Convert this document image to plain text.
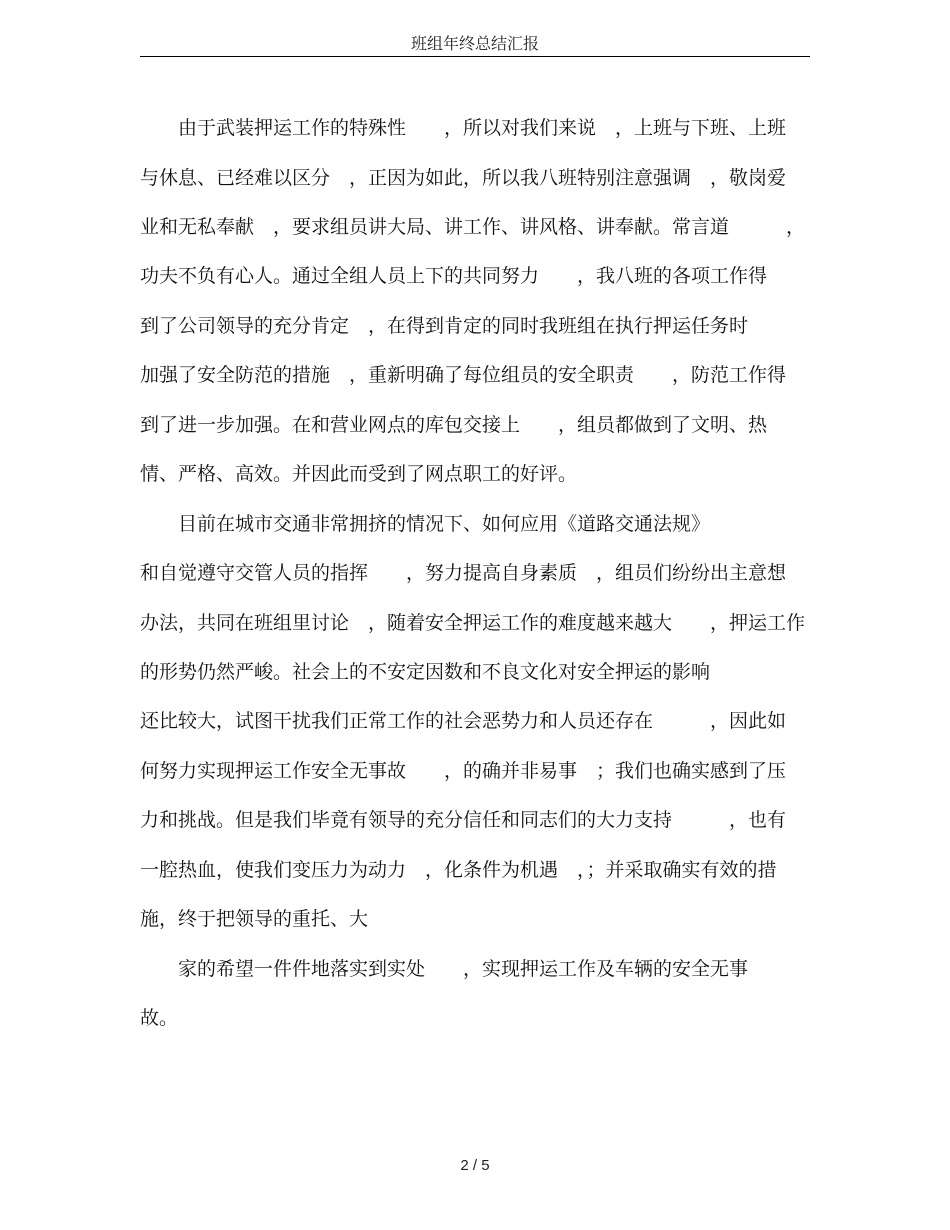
班组年终总结汇报
　　由于武装押运工作的特殊性　　，所以对我们来说　，上班与下班、上班
与休息、已经难以区分　，正因为如此，所以我八班特别注意强调　，敬岗爱
业和无私奉献　，要求组员讲大局、讲工作、讲风格、讲奉献。常言道　　　，
功夫不负有心人。通过全组人员上下的共同努力　　，我八班的各项工作得
到了公司领导的充分肯定　，在得到肯定的同时我班组在执行押运任务时
加强了安全防范的措施　，重新明确了每位组员的安全职责　　，防范工作得
到了进一步加强。在和营业网点的库包交接上　　，组员都做到了文明、热
情、严格、高效。并因此而受到了网点职工的好评。
　　目前在城市交通非常拥挤的情况下、如何应用《道路交通法规》
和自觉遵守交管人员的指挥　　，努力提高自身素质　，组员们纷纷出主意想
办法，共同在班组里讨论　，随着安全押运工作的难度越来越大　　，押运工作
的形势仍然严峻。社会上的不安定因数和不良文化对安全押运的影响
还比较大，试图干扰我们正常工作的社会恶势力和人员还存在　　　，因此如
何努力实现押运工作安全无事故　　，的确并非易事　；我们也确实感到了压
力和挑战。但是我们毕竟有领导的充分信任和同志们的大力支持　　　，也有
一腔热血，使我们变压力为动力　，化条件为机遇　，；并采取确实有效的措
施，终于把领导的重托、大
　　家的希望一件件地落实到实处　　，实现押运工作及车辆的安全无事
故。
2 / 5
